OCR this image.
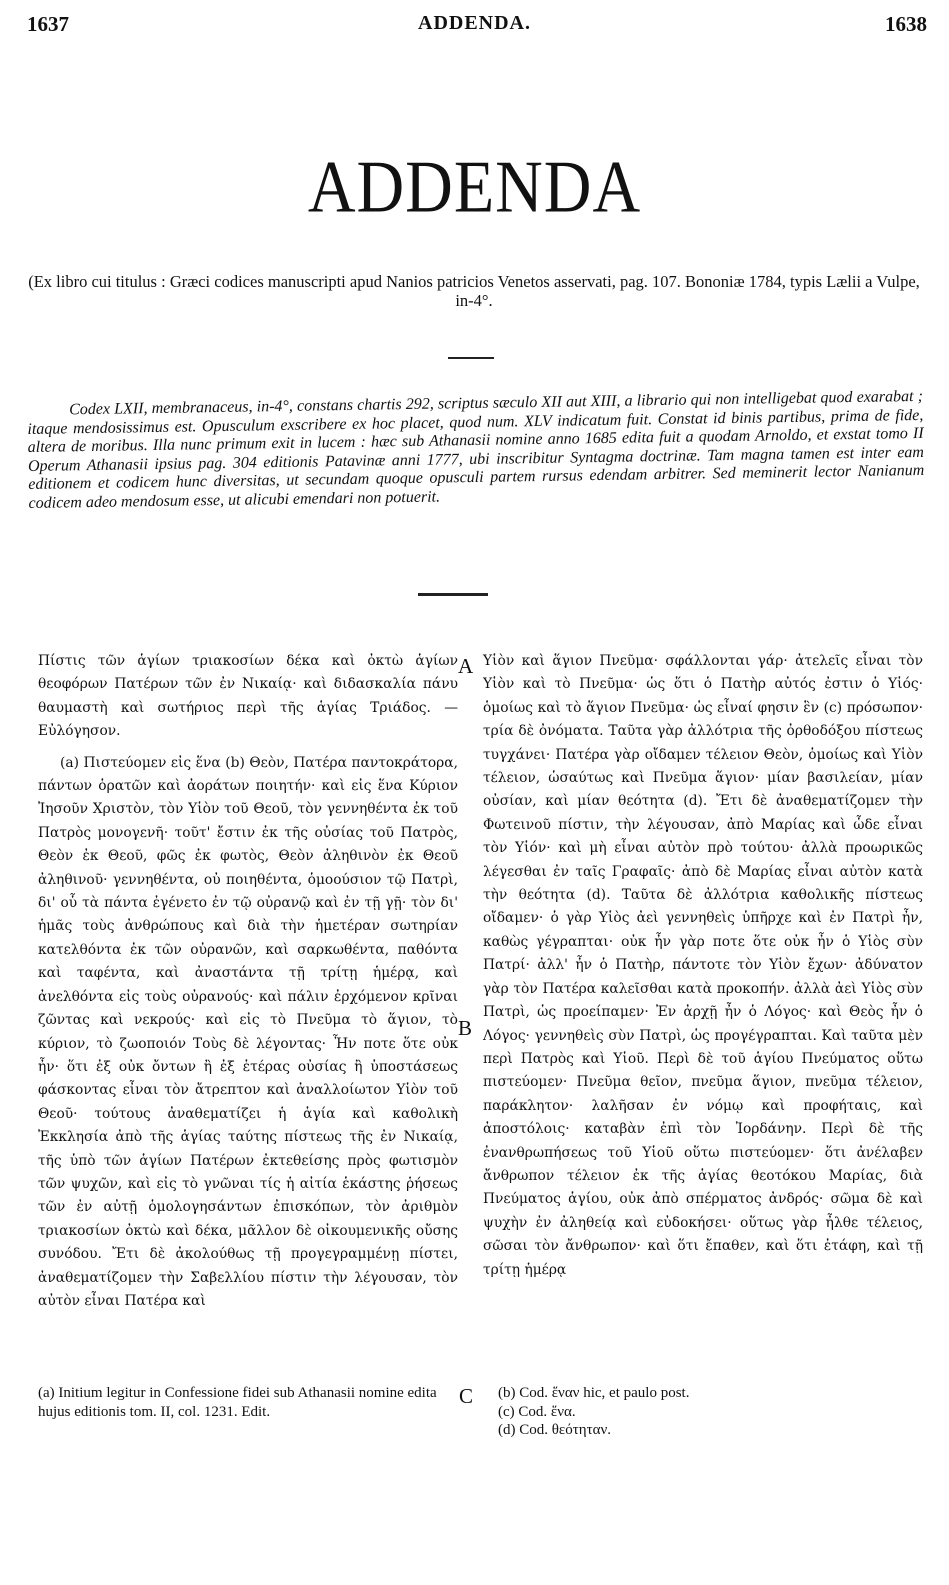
1637	ADDENDA.	1638
ADDENDA
(Ex libro cui titulus : Græci codices manuscripti apud Nanios patricios Venetos asservati, pag. 107. Bononiæ 1784, typis Lælii a Vulpe, in-4°.
Codex LXII, membranaceus, in-4°, constans chartis 292, scriptus sæculo XII aut XIII, a librario qui non intelligebat quod exarabat ; itaque mendosissimus est. Opusculum exscribere ex hoc placet, quod num. XLV indicatum fuit. Constat id binis partibus, prima de fide, altera de moribus. Illa nunc primum exit in lucem : hæc sub Athanasii nomine anno 1685 edita fuit a quodam Arnoldo, et exstat tomo II Operum Athanasii ipsius pag. 304 editionis Patavinæ anni 1777, ubi inscribitur Syntagma doctrinæ. Tam magna tamen est inter eam editionem et codicem hunc diversitas, ut secundam quoque opusculi partem rursus edendam arbitrer. Sed meminerit lector Nanianum codicem adeo mendosum esse, ut alicubi emendari non potuerit.

Πίστις τῶν ἁγίων τριακοσίων δέκα καὶ ὀκτὼ ἁγίων θεοφόρων Πατέρων τῶν ἐν Νικαίᾳ· καὶ διδασκαλία πάνυ θαυμαστὴ καὶ σωτήριος περὶ τῆς ἁγίας Τριάδος. — Εὐλόγησον.

(a) Πιστεύομεν εἰς ἕνα (b) Θεὸν, Πατέρα παντοκράτορα, πάντων ὁρατῶν καὶ ἀοράτων ποιητήν· καὶ εἰς ἕνα Κύριον Ἰησοῦν Χριστὸν, τὸν Υἱὸν τοῦ Θεοῦ, τὸν γεννηθέντα ἐκ τοῦ Πατρὸς μονογενῆ· τοῦτ' ἔστιν ἐκ τῆς οὐσίας τοῦ Πατρὸς, Θεὸν ἐκ Θεοῦ, φῶς ἐκ φωτὸς, Θεὸν ἀληθινὸν ἐκ Θεοῦ ἀληθινοῦ· γεννηθέντα, οὐ ποιηθέντα, ὁμοούσιον τῷ Πατρὶ, δι' οὗ τὰ πάντα ἐγένετο ἐν τῷ οὐρανῷ καὶ ἐν τῇ γῇ· τὸν δι' ἡμᾶς τοὺς ἀνθρώπους καὶ διὰ τὴν ἡμετέραν σωτηρίαν κατελθόντα ἐκ τῶν οὐρανῶν, καὶ σαρκωθέντα, παθόντα καὶ ταφέντα, καὶ ἀναστάντα τῇ τρίτῃ ἡμέρᾳ, καὶ ἀνελθόντα εἰς τοὺς οὐρανούς· καὶ πάλιν ἐρχόμενον κρῖναι ζῶντας καὶ νεκρούς· καὶ εἰς τὸ Πνεῦμα τὸ ἅγιον, τὸ κύριον, τὸ ζωοποιόν Τοὺς δὲ λέγοντας· Ἦν ποτε ὅτε οὐκ ἦν· ὅτι ἐξ οὐκ ὄντων ἢ ἐξ ἑτέρας οὐσίας ἢ ὑποστάσεως φάσκοντας εἶναι τὸν ἄτρεπτον καὶ ἀναλλοίωτον Υἱὸν τοῦ Θεοῦ· τούτους ἀναθεματίζει ἡ ἁγία καὶ καθολικὴ Ἐκκλησία ἀπὸ τῆς ἁγίας ταύτης πίστεως τῆς ἐν Νικαίᾳ, τῆς ὑπὸ τῶν ἁγίων Πατέρων ἐκτεθείσης πρὸς φωτισμὸν τῶν ψυχῶν, καὶ εἰς τὸ γνῶναι τίς ἡ αἰτία ἑκάστης ῥήσεως τῶν ἐν αὐτῇ ὁμολογησάντων ἐπισκόπων, τὸν ἀριθμὸν τριακοσίων ὀκτὼ καὶ δέκα, μᾶλλον δὲ οἰκουμενικῆς οὔσης συνόδου. Ἔτι δὲ ἀκολούθως τῇ προγεγραμμένῃ πίστει, ἀναθεματίζομεν τὴν Σαβελλίου πίστιν τὴν λέγουσαν, τὸν αὐτὸν εἶναι Πατέρα καὶ

Υἱὸν καὶ ἅγιον Πνεῦμα· σφάλλονται γάρ· ἀτελεῖς εἶναι τὸν Υἱὸν καὶ τὸ Πνεῦμα· ὡς ὅτι ὁ Πατὴρ αὐτός ἐστιν ὁ Υἱός· ὁμοίως καὶ τὸ ἅγιον Πνεῦμα· ὡς εἶναί φησιν ἓν (c) πρόσωπον· τρία δὲ ὀνόματα. Ταῦτα γὰρ ἀλλότρια τῆς ὀρθοδόξου πίστεως τυγχάνει· Πατέρα γὰρ οἴδαμεν τέλειον Θεὸν, ὁμοίως καὶ Υἱὸν τέλειον, ὡσαύτως καὶ Πνεῦμα ἅγιον· μίαν βασιλείαν, μίαν οὐσίαν, καὶ μίαν θεότητα (d). Ἔτι δὲ ἀναθεματίζομεν τὴν Φωτεινοῦ πίστιν, τὴν λέγουσαν, ἀπὸ Μαρίας καὶ ὧδε εἶναι τὸν Υἱόν· καὶ μὴ εἶναι αὐτὸν πρὸ τούτου· ἀλλὰ προωρικῶς λέγεσθαι ἐν ταῖς Γραφαῖς· ἀπὸ δὲ Μαρίας εἶναι αὐτὸν κατὰ τὴν θεότητα (d). Ταῦτα δὲ ἀλλότρια καθολικῆς πίστεως οἴδαμεν· ὁ γὰρ Υἱὸς ἀεὶ γεννηθεὶς ὑπῆρχε καὶ ἐν Πατρὶ ἦν, καθὼς γέγραπται· οὐκ ἦν γὰρ ποτε ὅτε οὐκ ἦν ὁ Υἱὸς σὺν Πατρί· ἀλλ' ἦν ὁ Πατὴρ, πάντοτε τὸν Υἱὸν ἔχων· ἀδύνατον γὰρ τὸν Πατέρα καλεῖσθαι κατὰ προκοπήν. ἀλλὰ ἀεὶ Υἱὸς σὺν Πατρὶ, ὡς προείπαμεν· Ἐν ἀρχῇ ἦν ὁ Λόγος· καὶ Θεὸς ἦν ὁ Λόγος· γεννηθεὶς σὺν Πατρὶ, ὡς προγέγραπται. Καὶ ταῦτα μὲν περὶ Πατρὸς καὶ Υἱοῦ. Περὶ δὲ τοῦ ἁγίου Πνεύματος οὕτω πιστεύομεν· Πνεῦμα θεῖον, πνεῦμα ἅγιον, πνεῦμα τέλειον, παράκλητον· λαλῆσαν ἐν νόμῳ καὶ προφήταις, καὶ ἀποστόλοις· καταβὰν ἐπὶ τὸν Ἰορδάνην. Περὶ δὲ τῆς ἐνανθρωπήσεως τοῦ Υἱοῦ οὕτω πιστεύομεν· ὅτι ἀνέλαβεν ἄνθρωπον τέλειον ἐκ τῆς ἁγίας θεοτόκου Μαρίας, διὰ Πνεύματος ἁγίου, οὐκ ἀπὸ σπέρματος ἀνδρός· σῶμα δὲ καὶ ψυχὴν ἐν ἀληθείᾳ καὶ εὐδοκήσει· οὕτως γὰρ ἦλθε τέλειος, σῶσαι τὸν ἄνθρωπον· καὶ ὅτι ἔπαθεν, καὶ ὅτι ἐτάφη, καὶ τῇ τρίτῃ ἡμέρᾳ

A
B
C
(a) Initium legitur in Confessione fidei sub Athanasii nomine edita hujus editionis tom. II, col. 1231. Edit.
(b) Cod. ἕναν hic, et paulo post.
(c) Cod. ἕνα.
(d) Cod. θεότηταν.
